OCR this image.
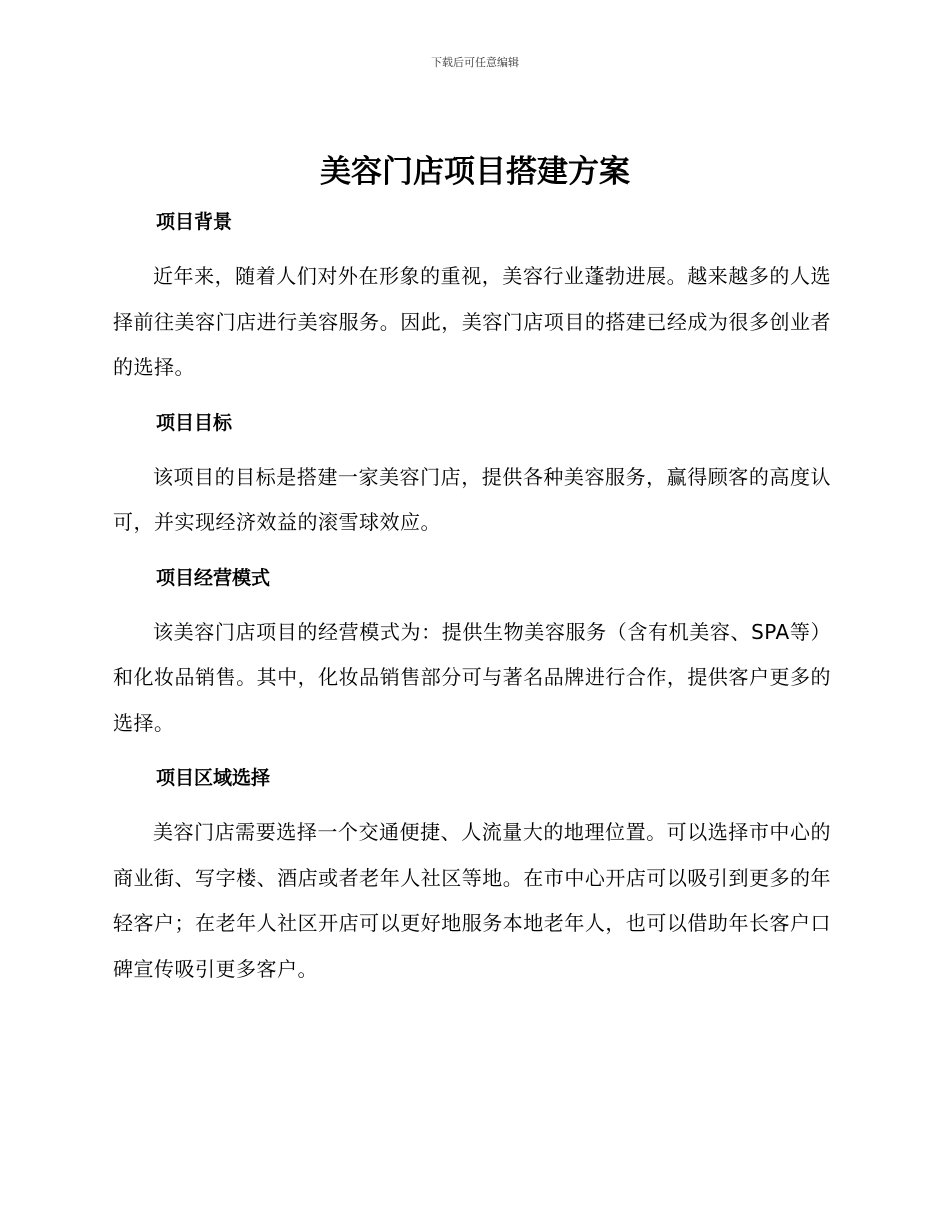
下载后可任意编辑
美容门店项目搭建方案
项目背景

近年来，随着人们对外在形象的重视，美容行业蓬勃进展。越来越多的人选择前往美容门店进行美容服务。因此，美容门店项目的搭建已经成为很多创业者的选择。

项目目标

该项目的目标是搭建一家美容门店，提供各种美容服务，赢得顾客的高度认可，并实现经济效益的滚雪球效应。

项目经营模式

该美容门店项目的经营模式为：提供生物美容服务（含有机美容、SPA等）和化妆品销售。其中，化妆品销售部分可与著名品牌进行合作，提供客户更多的选择。

项目区域选择

美容门店需要选择一个交通便捷、人流量大的地理位置。可以选择市中心的商业街、写字楼、酒店或者老年人社区等地。在市中心开店可以吸引到更多的年轻客户；在老年人社区开店可以更好地服务本地老年人，也可以借助年长客户口碑宣传吸引更多客户。
